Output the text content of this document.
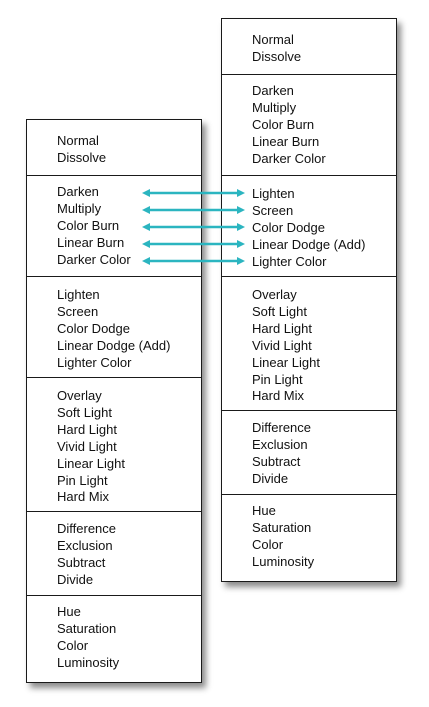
Normal
Dissolve
Darken
Multiply
Color Burn
Linear Burn
Darker Color
Lighten
Screen
Color Dodge
Linear Dodge (Add)
Lighter Color
Overlay
Soft Light
Hard Light
Vivid Light
Linear Light
Pin Light
Hard Mix
Difference
Exclusion
Subtract
Divide
Hue
Saturation
Color
Luminosity
Normal
Dissolve
Darken
Multiply
Color Burn
Linear Burn
Darker Color
Lighten
Screen
Color Dodge
Linear Dodge (Add)
Lighter Color
Overlay
Soft Light
Hard Light
Vivid Light
Linear Light
Pin Light
Hard Mix
Difference
Exclusion
Subtract
Divide
Hue
Saturation
Color
Luminosity
